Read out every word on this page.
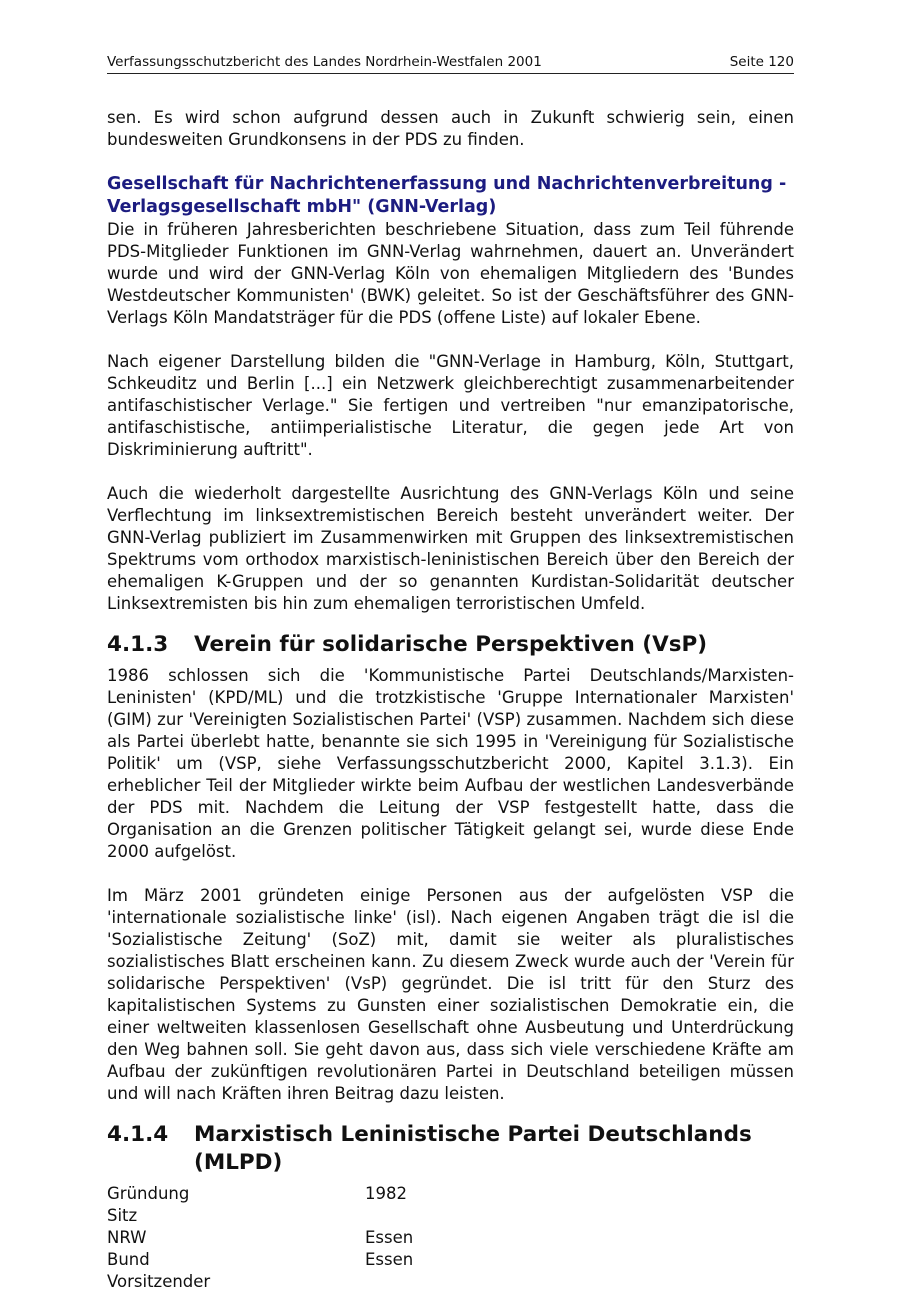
Verfassungsschutzbericht des Landes Nordrhein-Westfalen 2001	Seite 120

sen. Es wird schon aufgrund dessen auch in Zukunft schwierig sein, einen bundesweiten Grundkonsens in der PDS zu finden.

Gesellschaft für Nachrichtenerfassung und Nachrichtenverbreitung - Verlagsgesellschaft mbH" (GNN-Verlag)

Die in früheren Jahresberichten beschriebene Situation, dass zum Teil führende PDS-Mitglieder Funktionen im GNN-Verlag wahrnehmen, dauert an. Unverändert wurde und wird der GNN-Verlag Köln von ehemaligen Mitgliedern des 'Bundes Westdeutscher Kommunisten' (BWK) geleitet. So ist der Geschäftsführer des GNN-Verlags Köln Mandatsträger für die PDS (offene Liste) auf lokaler Ebene.

Nach eigener Darstellung bilden die "GNN-Verlage in Hamburg, Köln, Stuttgart, Schkeuditz und Berlin [...] ein Netzwerk gleichberechtigt zusammenarbeitender antifaschistischer Verlage." Sie fertigen und vertreiben "nur emanzipatorische, antifaschistische, antiimperialistische Literatur, die gegen jede Art von Diskriminierung auftritt".

Auch die wiederholt dargestellte Ausrichtung des GNN-Verlags Köln und seine Verflechtung im linksextremistischen Bereich besteht unverändert weiter. Der GNN-Verlag publiziert im Zusammenwirken mit Gruppen des linksextremistischen Spektrums vom orthodox marxistisch-leninistischen Bereich über den Bereich der ehemaligen K-Gruppen und der so genannten Kurdistan-Solidarität deutscher Linksextremisten bis hin zum ehemaligen terroristischen Umfeld.

4.1.3	Verein für solidarische Perspektiven (VsP)

1986 schlossen sich die 'Kommunistische Partei Deutschlands/Marxisten-Leninisten' (KPD/ML) und die trotzkistische 'Gruppe Internationaler Marxisten' (GIM) zur 'Vereinigten Sozialistischen Partei' (VSP) zusammen. Nachdem sich diese als Partei überlebt hatte, benannte sie sich 1995 in 'Vereinigung für Sozialistische Politik' um (VSP, siehe Verfassungsschutzbericht 2000, Kapitel 3.1.3). Ein erheblicher Teil der Mitglieder wirkte beim Aufbau der westlichen Landesverbände der PDS mit. Nachdem die Leitung der VSP festgestellt hatte, dass die Organisation an die Grenzen politischer Tätigkeit gelangt sei, wurde diese Ende 2000 aufgelöst.

Im März 2001 gründeten einige Personen aus der aufgelösten VSP die 'internationale sozialistische linke' (isl). Nach eigenen Angaben trägt die isl die 'Sozialistische Zeitung' (SoZ) mit, damit sie weiter als pluralistisches sozialistisches Blatt erscheinen kann. Zu diesem Zweck wurde auch der 'Verein für solidarische Perspektiven' (VsP) gegründet. Die isl tritt für den Sturz des kapitalistischen Systems zu Gunsten einer sozialistischen Demokratie ein, die einer weltweiten klassenlosen Gesellschaft ohne Ausbeutung und Unterdrückung den Weg bahnen soll. Sie geht davon aus, dass sich viele verschiedene Kräfte am Aufbau der zukünftigen revolutionären Partei in Deutschland beteiligen müssen und will nach Kräften ihren Beitrag dazu leisten.

4.1.4	Marxistisch Leninistische Partei Deutschlands (MLPD)
Gründung	1982
Sitz
NRW	Essen
Bund	Essen
Vorsitzender
